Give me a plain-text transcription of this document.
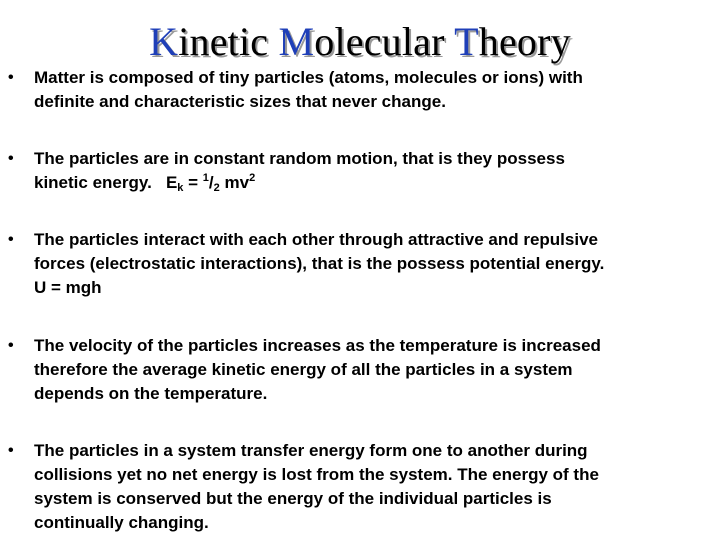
Kinetic Molecular Theory
• Matter is composed of tiny particles (atoms, molecules or ions) with
definite and characteristic sizes that never change.
• The particles are in constant random motion, that is they possess
kinetic energy.   $E_k = ^1/_2$ $mv^2$
• The particles interact with each other through attractive and repulsive
forces (electrostatic interactions), that is the possess potential energy.
U = mgh
• The velocity of the particles increases as the temperature is increased
therefore the average kinetic energy of all the particles in a system
depends on the temperature.
• The particles in a system transfer energy form one to another during
collisions yet no net energy is lost from the system. The energy of the
system is conserved but the energy of the individual particles is
continually changing.
